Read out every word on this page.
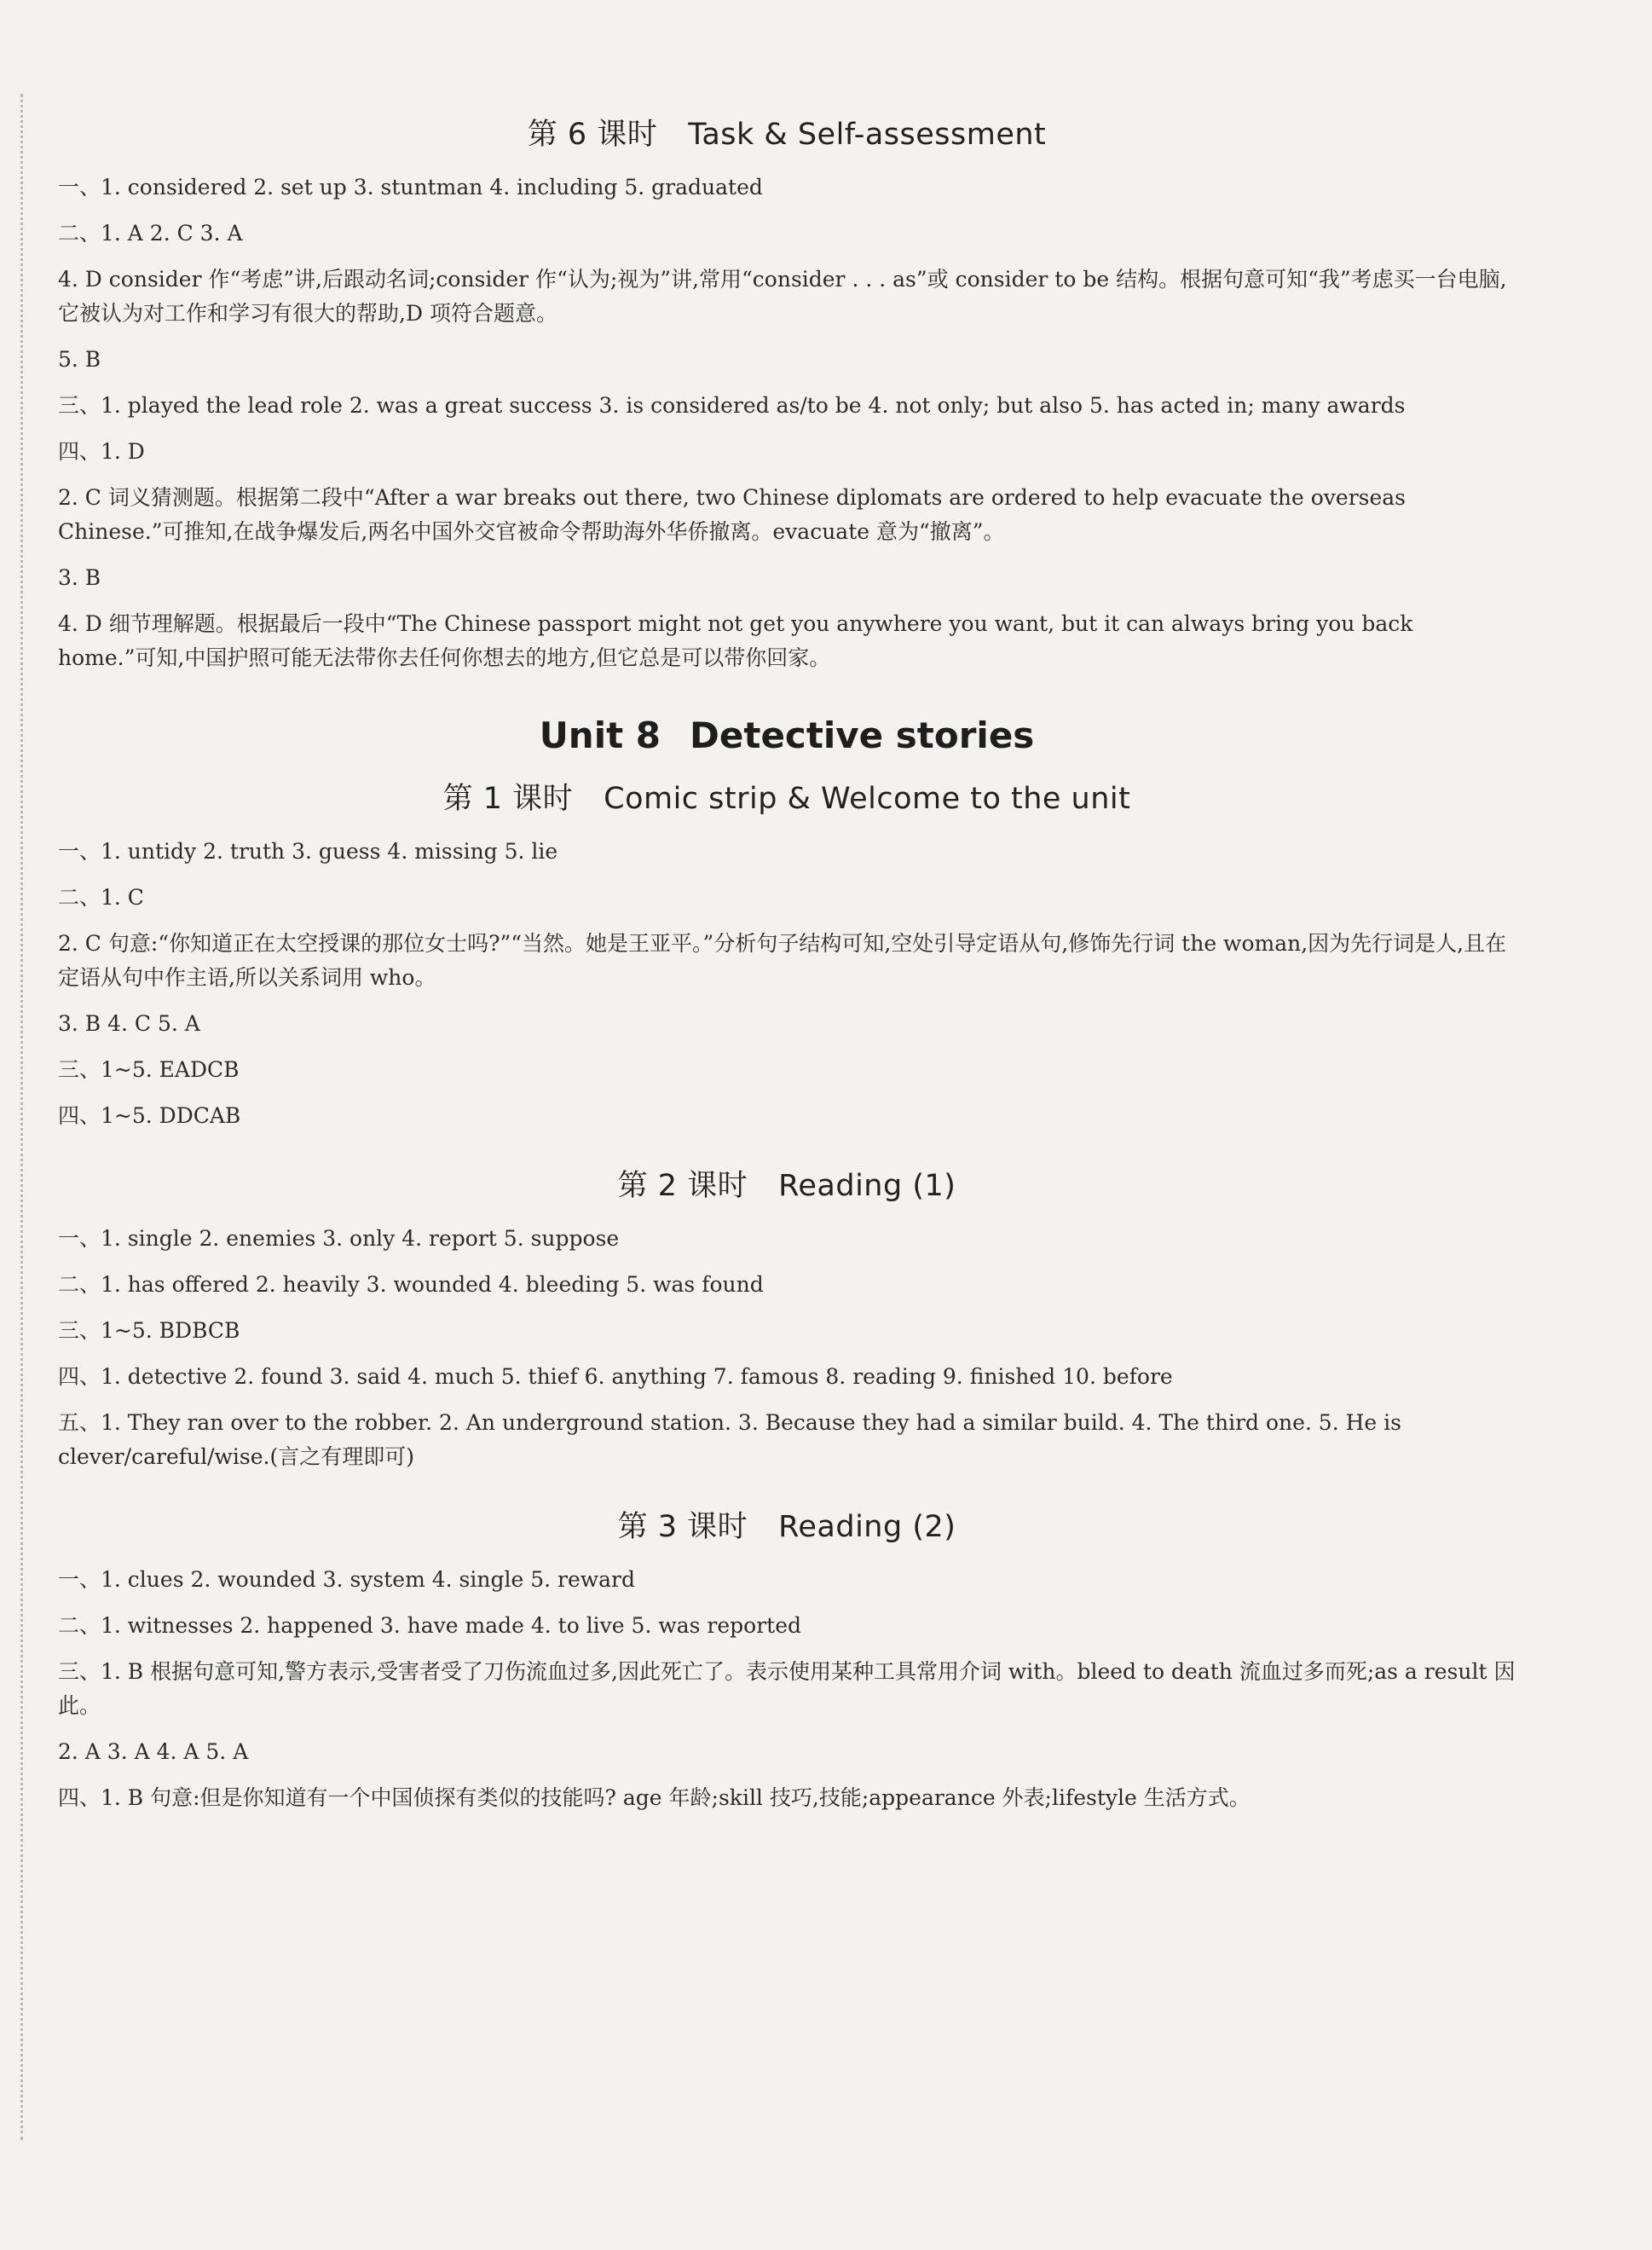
第 6 课时 Task & Self-assessment

一、1. considered 2. set up 3. stuntman 4. including 5. graduated

二、1. A 2. C 3. A

4. D consider 作“考虑”讲,后跟动名词;consider 作“认为;视为”讲,常用“consider . . . as”或 consider to be 结构。根据句意可知“我”考虑买一台电脑,它被认为对工作和学习有很大的帮助,D 项符合题意。

5. B

三、1. played the lead role 2. was a great success 3. is considered as/to be 4. not only; but also 5. has acted in; many awards

四、1. D

2. C 词义猜测题。根据第二段中“After a war breaks out there, two Chinese diplomats are ordered to help evacuate the overseas Chinese.”可推知,在战争爆发后,两名中国外交官被命令帮助海外华侨撤离。evacuate 意为“撤离”。

3. B

4. D 细节理解题。根据最后一段中“The Chinese passport might not get you anywhere you want, but it can always bring you back home.”可知,中国护照可能无法带你去任何你想去的地方,但它总是可以带你回家。

Unit 8 Detective stories
第 1 课时 Comic strip & Welcome to the unit

一、1. untidy 2. truth 3. guess 4. missing 5. lie

二、1. C

2. C 句意:“你知道正在太空授课的那位女士吗?”“当然。她是王亚平。”分析句子结构可知,空处引导定语从句,修饰先行词 the woman,因为先行词是人,且在定语从句中作主语,所以关系词用 who。

3. B 4. C 5. A

三、1~5. EADCB

四、1~5. DDCAB

第 2 课时 Reading (1)

一、1. single 2. enemies 3. only 4. report 5. suppose

二、1. has offered 2. heavily 3. wounded 4. bleeding 5. was found

三、1~5. BDBCB

四、1. detective 2. found 3. said 4. much 5. thief 6. anything 7. famous 8. reading 9. finished 10. before

五、1. They ran over to the robber. 2. An underground station. 3. Because they had a similar build. 4. The third one. 5. He is clever/careful/wise.(言之有理即可)

第 3 课时 Reading (2)

一、1. clues 2. wounded 3. system 4. single 5. reward

二、1. witnesses 2. happened 3. have made 4. to live 5. was reported

三、1. B 根据句意可知,警方表示,受害者受了刀伤流血过多,因此死亡了。表示使用某种工具常用介词 with。bleed to death 流血过多而死;as a result 因此。

2. A 3. A 4. A 5. A

四、1. B 句意:但是你知道有一个中国侦探有类似的技能吗? age 年龄;skill 技巧,技能;appearance 外表;lifestyle 生活方式。
